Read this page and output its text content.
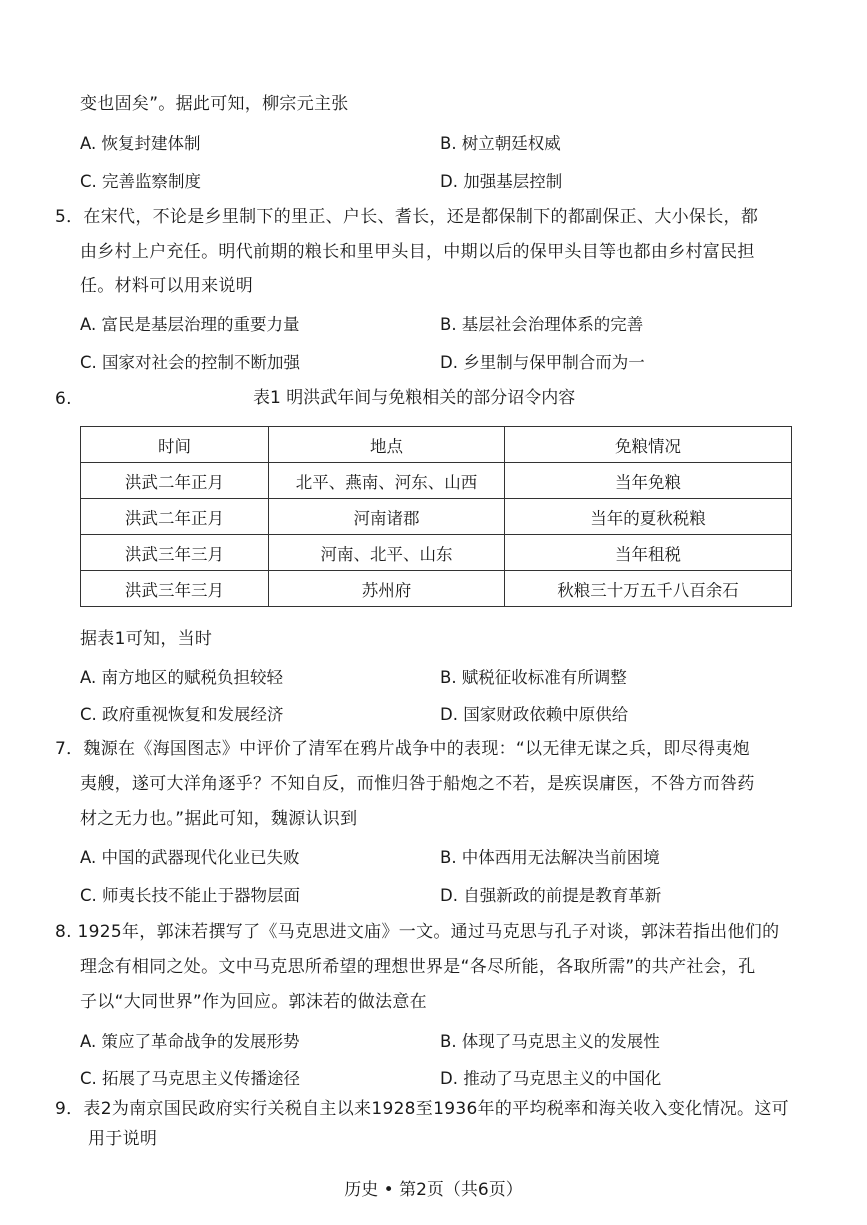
变也固矣”。据此可知，柳宗元主张
A. 恢复封建体制	B. 树立朝廷权威
C. 完善监察制度	D. 加强基层控制
5．在宋代，不论是乡里制下的里正、户长、耆长，还是都保制下的都副保正、大小保长，都
由乡村上户充任。明代前期的粮长和里甲头目，中期以后的保甲头目等也都由乡村富民担
任。材料可以用来说明
A. 富民是基层治理的重要力量	B. 基层社会治理体系的完善
C. 国家对社会的控制不断加强	D. 乡里制与保甲制合而为一
6.	表1 明洪武年间与免粮相关的部分诏令内容
时间	地点	免粮情况
洪武二年正月	北平、燕南、河东、山西	当年免粮
洪武二年正月	河南诸郡	当年的夏秋税粮
洪武三年三月	河南、北平、山东	当年租税
洪武三年三月	苏州府	秋粮三十万五千八百余石
据表1可知，当时
A. 南方地区的赋税负担较轻	B. 赋税征收标准有所调整
C. 政府重视恢复和发展经济	D. 国家财政依赖中原供给
7．魏源在《海国图志》中评价了清军在鸦片战争中的表现：“以无律无谋之兵，即尽得夷炮
夷艘，遂可大洋角逐乎？不知自反，而惟归咎于船炮之不若，是疾误庸医，不咎方而咎药
材之无力也。”据此可知，魏源认识到
A. 中国的武器现代化业已失败	B. 中体西用无法解决当前困境
C. 师夷长技不能止于器物层面	D. 自强新政的前提是教育革新
8. 1925年，郭沫若撰写了《马克思进文庙》一文。通过马克思与孔子对谈，郭沫若指出他们的
理念有相同之处。文中马克思所希望的理想世界是“各尽所能，各取所需”的共产社会，孔
子以“大同世界”作为回应。郭沫若的做法意在
A. 策应了革命战争的发展形势	B. 体现了马克思主义的发展性
C. 拓展了马克思主义传播途径	D. 推动了马克思主义的中国化
9．表2为南京国民政府实行关税自主以来1928至1936年的平均税率和海关收入变化情况。这可
用于说明
历史 • 第2页（共6页）
